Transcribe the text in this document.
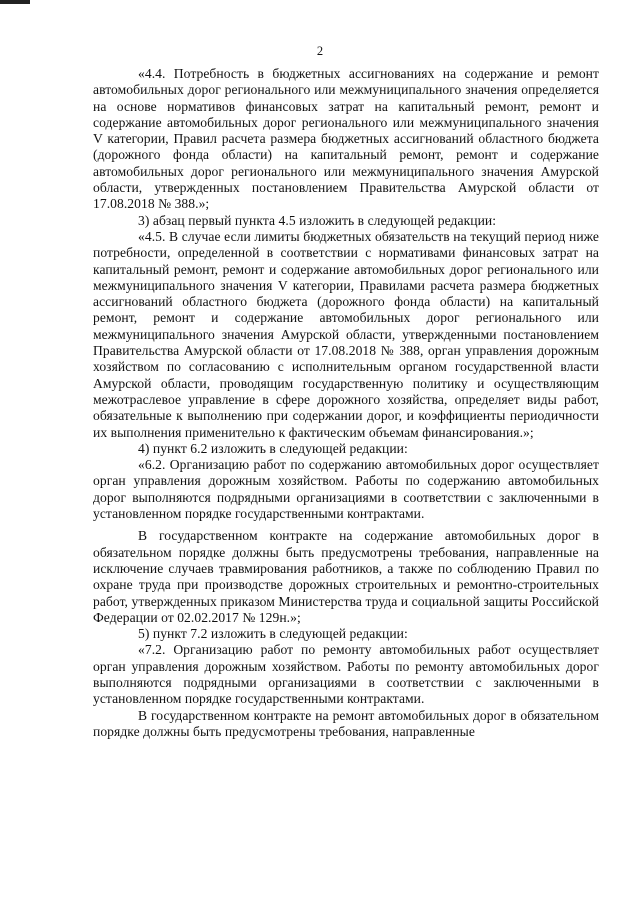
2

«4.4. Потребность в бюджетных ассигнованиях на содержание и ремонт автомобильных дорог регионального или межмуниципального значения определяется на основе нормативов финансовых затрат на капитальный ремонт, ремонт и содержание автомобильных дорог регионального или межмуниципального значения V категории, Правил расчета размера бюджетных ассигнований областного бюджета (дорожного фонда области) на капитальный ремонт, ремонт и содержание автомобильных дорог регионального или межмуниципального значения Амурской области, утвержденных постановлением Правительства Амурской области от 17.08.2018 № 388.»;

3) абзац первый пункта 4.5 изложить в следующей редакции:

«4.5. В случае если лимиты бюджетных обязательств на текущий период ниже потребности, определенной в соответствии с нормативами финансовых затрат на капитальный ремонт, ремонт и содержание автомобильных дорог регионального или межмуниципального значения V категории, Правилами расчета размера бюджетных ассигнований областного бюджета (дорожного фонда области) на капитальный ремонт, ремонт и содержание автомобильных дорог регионального или межмуниципального значения Амурской области, утвержденными постановлением Правительства Амурской области от 17.08.2018 № 388, орган управления дорожным хозяйством по согласованию с исполнительным органом государственной власти Амурской области, проводящим государственную политику и осуществляющим межотраслевое управление в сфере дорожного хозяйства, определяет виды работ, обязательные к выполнению при содержании дорог, и коэффициенты периодичности их выполнения применительно к фактическим объемам финансирования.»;

4) пункт 6.2 изложить в следующей редакции:

«6.2. Организацию работ по содержанию автомобильных дорог осуществляет орган управления дорожным хозяйством. Работы по содержанию автомобильных дорог выполняются подрядными организациями в соответствии с заключенными в установленном порядке государственными контрактами.

В государственном контракте на содержание автомобильных дорог в обязательном порядке должны быть предусмотрены требования, направленные на исключение случаев травмирования работников, а также по соблюдению Правил по охране труда при производстве дорожных строительных и ремонтно-строительных работ, утвержденных приказом Министерства труда и социальной защиты Российской Федерации от 02.02.2017 № 129н.»;

5) пункт 7.2 изложить в следующей редакции:

«7.2. Организацию работ по ремонту автомобильных работ осуществляет орган управления дорожным хозяйством. Работы по ремонту автомобильных дорог выполняются подрядными организациями в соответствии с заключенными в установленном порядке государственными контрактами.

В государственном контракте на ремонт автомобильных дорог в обязательном порядке должны быть предусмотрены требования, направленные
